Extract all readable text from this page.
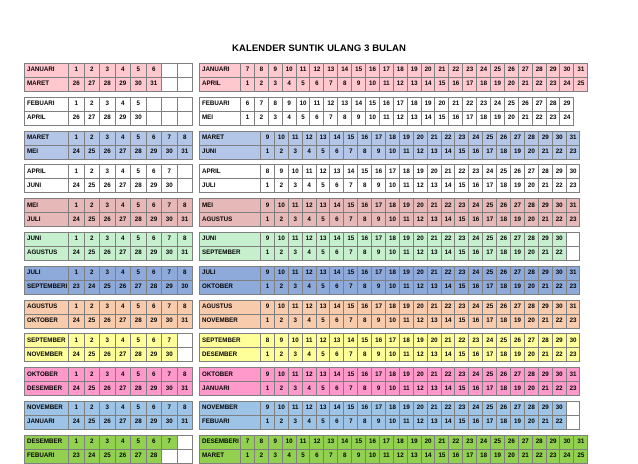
KALENDER SUNTIK ULANG 3 BULAN
JANUARI	1	2	3	4	5	6		
MARET	26	27	28	29	30	31		
JANUARI	7	8	9	10	11	12	13	14	15	16	17	18	19	20	21	22	23	24	25	26	27	28	29	30	31
APRIL	1	2	3	4	5	6	7	8	9	10	11	12	13	14	15	16	17	18	19	20	21	22	23	24	25
FEBUARI	1	2	3	4	5			
APRIL	26	27	28	29	30			
FEBUARI	6	7	8	9	10	11	12	13	14	15	16	17	18	19	20	21	22	23	24	25	26	27	28	29
MEI	1	2	3	4	5	6	7	8	9	10	11	12	13	14	15	16	17	18	19	20	21	22	23	24
MARET	1	2	3	4	5	6	7	8
MEI	24	25	26	27	28	29	30	31
MARET	9	10	11	12	13	14	15	16	17	18	19	20	21	22	23	24	25	26	27	28	29	30	31
JUNI	1	2	3	4	5	6	7	8	9	10	11	12	13	14	15	16	17	18	19	20	21	22	23
APRIL	1	2	3	4	5	6	7	
JUNI	24	25	26	27	28	29	30	
APRIL	8	9	10	11	12	13	14	15	16	17	18	19	20	21	22	23	24	25	26	27	28	29	30
JULI	1	2	3	4	5	6	7	8	9	10	11	12	13	14	15	16	17	18	19	20	21	22	23
MEI	1	2	3	4	5	6	7	8
JULI	24	25	26	27	28	29	30	31
MEI	9	10	11	12	13	14	15	16	17	18	19	20	21	22	23	24	25	26	27	28	29	30	31
AGUSTUS	1	2	3	4	5	6	7	8	9	10	11	12	13	14	15	16	17	18	19	20	21	22	23
JUNI	1	2	3	4	5	6	7	8
AGUSTUS	24	25	26	27	28	29	30	31
JUNI	9	10	11	12	13	14	15	16	17	18	19	20	21	22	23	24	25	26	27	28	29	30	
SEPTEMBER	1	2	3	4	5	6	7	8	9	10	11	12	13	14	15	16	17	18	19	20	21	22	
JULI	1	2	3	4	5	6	7	8
SEPTEMBERI	23	24	25	26	27	28	29	30
JULI	9	10	11	12	13	14	15	16	17	18	19	20	21	22	23	24	25	26	27	28	29	30	31
OKTOBER	1	2	3	4	5	6	7	8	9	10	11	12	13	14	15	16	17	18	19	20	21	22	23
AGUSTUS	1	2	3	4	5	6	7	8
OKTOBER	24	25	26	27	28	29	30	31
AGUSTUS	9	10	11	12	13	14	15	16	17	18	19	20	21	22	23	24	25	26	27	28	29	30	31
NOVEMBER	1	2	3	4	5	6	7	8	9	10	11	12	13	14	15	16	17	18	19	20	21	22	23
SEPTEMBER	1	2	3	4	5	6	7	
NOVEMBER	24	25	26	27	28	29	30	
SEPTEMBER	8	9	10	11	12	13	14	15	16	17	18	19	20	21	22	23	24	25	26	27	28	29	30
DESEMBER	1	2	3	4	5	6	7	8	9	10	11	12	13	14	15	16	17	18	19	20	21	22	23
OKTOBER	1	2	3	4	5	6	7	8
DESEMBER	24	25	26	27	28	29	30	31
OKTOBER	9	10	11	12	13	14	15	16	17	18	19	20	21	22	23	24	25	26	27	28	29	30	31
JANUARI	1	2	3	4	5	6	7	8	9	10	11	12	13	14	15	16	17	18	19	20	21	22	23
NOVEMBER	1	2	3	4	5	6	7	8
JANUARI	24	25	26	27	28	29	30	31
NOVEMBER	9	10	11	12	13	14	15	16	17	18	19	20	21	22	23	24	25	26	27	28	29	30	
FEBUARI	1	2	3	4	5	6	7	8	9	10	11	12	13	14	15	16	17	18	19	20	21	22	
DESEMBER	1	2	3	4	5	6	7	
FEBUARI	23	24	25	26	27	28		
DESEMBERI	7	8	9	10	11	12	13	14	15	16	17	18	19	20	21	22	23	24	25	26	27	28	29	30	31
MARET	1	2	3	4	5	6	7	8	9	10	11	12	13	14	15	16	17	18	19	20	21	22	23	24	25
